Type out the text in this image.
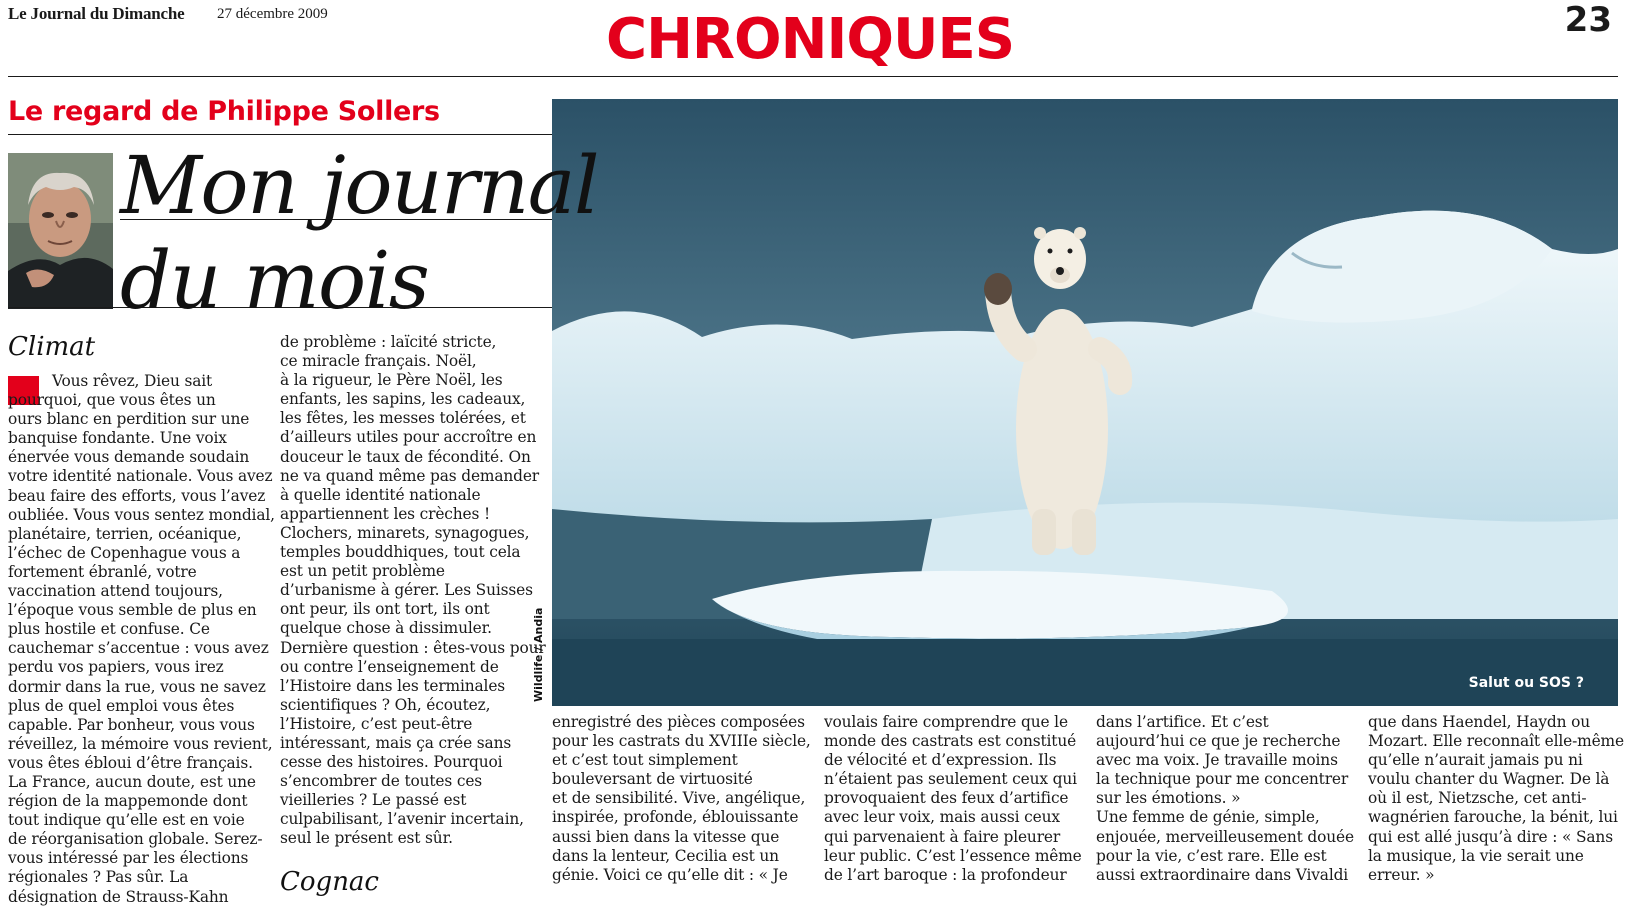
Le Journal du Dimanche 27 décembre 2009	CHRONIQUES	23
Le regard de Philippe Sollers
Mon journal
du mois
Climat
Vous rêvez, Dieu sait
pourquoi, que vous êtes un
ours blanc en perdition sur une
banquise fondante. Une voix
énervée vous demande soudain
votre identité nationale. Vous avez
beau faire des efforts, vous l’avez
oubliée. Vous vous sentez mondial,
planétaire, terrien, océanique,
l’échec de Copenhague vous a
fortement ébranlé, votre
vaccination attend toujours,
l’époque vous semble de plus en
plus hostile et confuse. Ce
cauchemar s’accentue : vous avez
perdu vos papiers, vous irez
dormir dans la rue, vous ne savez
plus de quel emploi vous êtes
capable. Par bonheur, vous vous
réveillez, la mémoire vous revient,
vous êtes ébloui d’être français.
La France, aucun doute, est une
région de la mappemonde dont
tout indique qu’elle est en voie
de réorganisation globale. Serez-
vous intéressé par les élections
régionales ? Pas sûr. La
désignation de Strauss-Kahn
de problème : laïcité stricte,
ce miracle français. Noël,
à la rigueur, le Père Noël, les
enfants, les sapins, les cadeaux,
les fêtes, les messes tolérées, et
d’ailleurs utiles pour accroître en
douceur le taux de fécondité. On
ne va quand même pas demander
à quelle identité nationale
appartiennent les crèches !
Clochers, minarets, synagogues,
temples bouddhiques, tout cela
est un petit problème
d’urbanisme à gérer. Les Suisses
ont peur, ils ont tort, ils ont
quelque chose à dissimuler.
Dernière question : êtes-vous pour
ou contre l’enseignement de
l’Histoire dans les terminales
scientifiques ? Oh, écoutez,
l’Histoire, c’est peut-être
intéressant, mais ça crée sans
cesse des histoires. Pourquoi
s’encombrer de toutes ces
vieilleries ? Le passé est
culpabilisant, l’avenir incertain,
seul le présent est sûr.
Cognac
enregistré des pièces composées
pour les castrats du XVIIIe siècle,
et c’est tout simplement
bouleversant de virtuosité
et de sensibilité. Vive, angélique,
inspirée, profonde, éblouissante
aussi bien dans la vitesse que
dans la lenteur, Cecilia est un
génie. Voici ce qu’elle dit : « Je
voulais faire comprendre que le
monde des castrats est constitué
de vélocité et d’expression. Ils
n’étaient pas seulement ceux qui
provoquaient des feux d’artifice
avec leur voix, mais aussi ceux
qui parvenaient à faire pleurer
leur public. C’est l’essence même
de l’art baroque : la profondeur
dans l’artifice. Et c’est
aujourd’hui ce que je recherche
avec ma voix. Je travaille moins
la technique pour me concentrer
sur les émotions. »
Une femme de génie, simple,
enjouée, merveilleusement douée
pour la vie, c’est rare. Elle est
aussi extraordinaire dans Vivaldi
que dans Haendel, Haydn ou
Mozart. Elle reconnaît elle-même
qu’elle n’aurait jamais pu ni
voulu chanter du Wagner. De là
où il est, Nietzsche, cet anti-
wagnérien farouche, la bénit, lui
qui est allé jusqu’à dire : « Sans
la musique, la vie serait une
erreur. »
Salut ou SOS ?
Wildlife / Andia
